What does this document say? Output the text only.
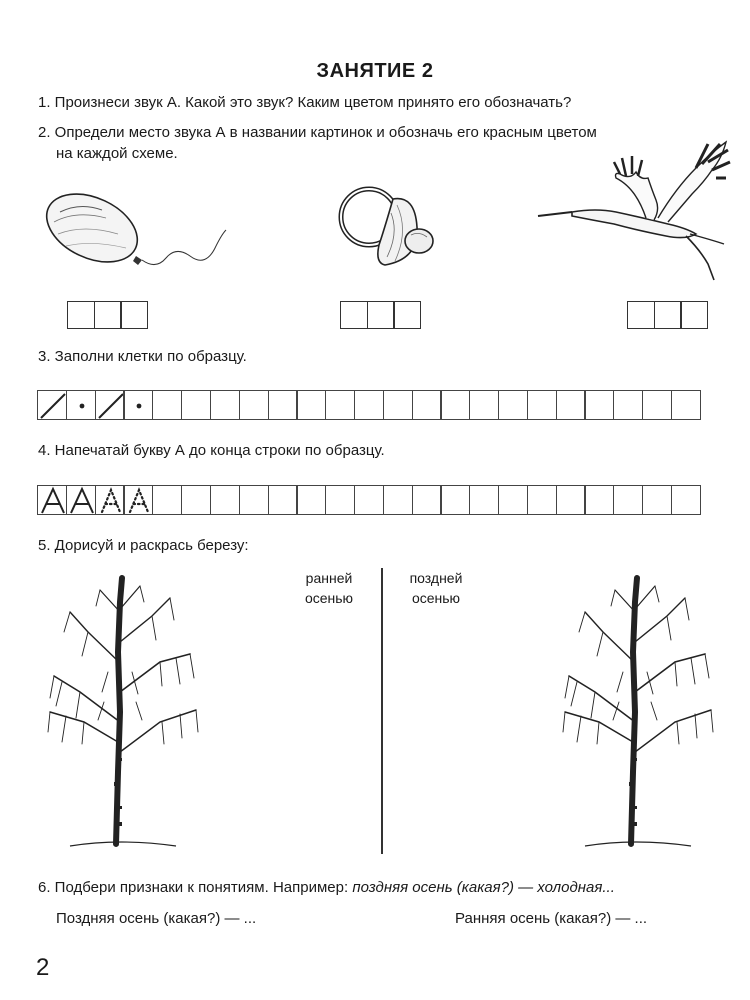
ЗАНЯТИЕ 2
1. Произнеси звук А. Какой это звук? Каким цветом принято его обозначать?
2. Определи место звука А в названии картинок и обозначь его красным цветом
на каждой схеме.
3. Заполни клетки по образцу.
4. Напечатай букву А до конца строки по образцу.
5. Дорисуй и раскрась березу:
ранней
осенью
поздней
осенью
6. Подбери признаки к понятиям. Например: поздняя осень (какая?) — холодная...
Поздняя осень (какая?) — ...	Ранняя осень (какая?) — ...
2
